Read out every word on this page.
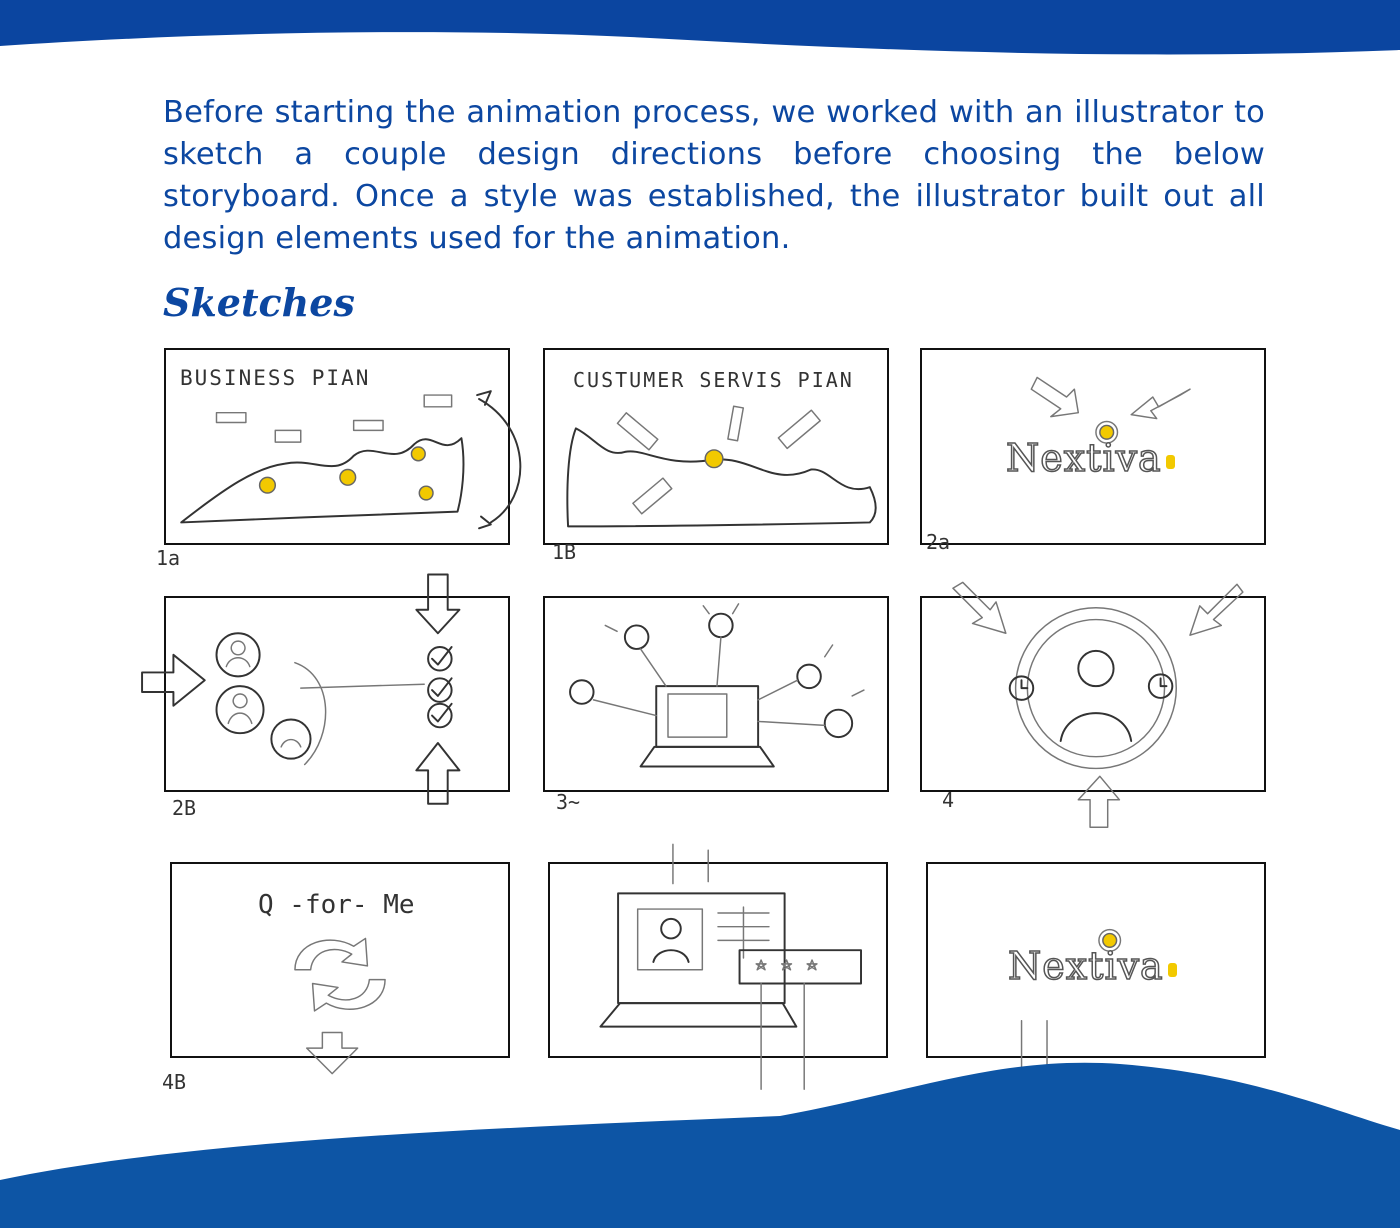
Before starting the animation process, we worked with an illustrator to sketch a couple design directions before choosing the below storyboard. Once a style was established, the illustrator built out all design elements used for the animation.

Sketches
BUSINESS PIAN
1a
CUSTUMER SERVIS PIAN
1B
Nextiva
2a
2B	3~	4
Q -for- Me
4B
Nextiva
